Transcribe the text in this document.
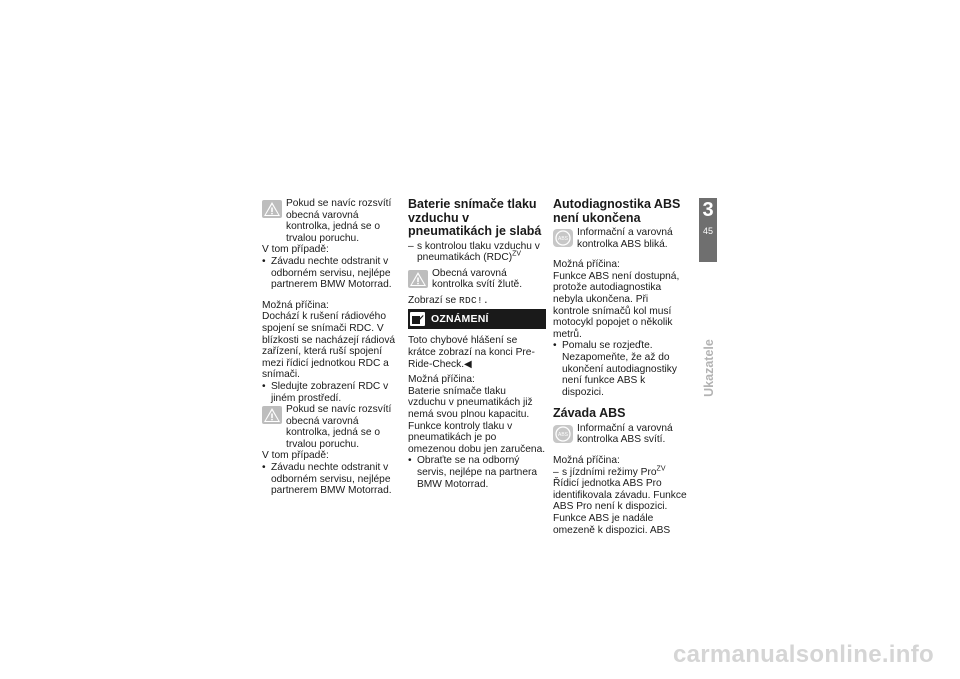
Pokud se navíc rozsvítí obecná varovná kontrolka, jedná se o trvalou poruchu.

V tom případě:

• Závadu nechte odstranit v odborném servisu, nejlépe partnerem BMW Motorrad.

Možná příčina:

Dochází k rušení rádiového spojení se snímači RDC. V blízkosti se nacházejí rádiová zařízení, která ruší spojení mezi řídicí jednotkou RDC a snímači.

• Sledujte zobrazení RDC v jiném prostředí.

Pokud se navíc rozsvítí obecná varovná kontrolka, jedná se o trvalou poruchu.

V tom případě:

• Závadu nechte odstranit v odborném servisu, nejlépe partnerem BMW Motorrad.

Baterie snímače tlaku vzduchu v pneumatikách je slabá

– s kontrolou tlaku vzduchu v pneumatikách (RDC)$^{ZV}$

Obecná varovná kontrolka svítí žlutě.

Zobrazí se RDC!.

OZNÁMENÍ

Toto chybové hlášení se krátce zobrazí na konci Pre-Ride-Check.◀

Možná příčina:

Baterie snímače tlaku vzduchu v pneumatikách již nemá svou plnou kapacitu. Funkce kontroly tlaku v pneumatikách je po omezenou dobu jen zaručena.

• Obraťte se na odborný servis, nejlépe na partnera BMW Motorrad.

Autodiagnostika ABS není ukončena

ABS

Informační a varovná kontrolka ABS bliká.

Možná příčina:

Funkce ABS není dostupná, protože autodiagnostika nebyla ukončena. Při kontrole snímačů kol musí motocykl popojet o několik metrů.

• Pomalu se rozjeďte. Nezapomeňte, že až do ukončení autodiagnostiky není funkce ABS k dispozici.

Závada ABS

ABS

Informační a varovná kontrolka ABS svítí.

Možná příčina:

– s jízdními režimy Pro$^{ZV}$

Řídicí jednotka ABS Pro identifikovala závadu. Funkce ABS Pro není k dispozici. Funkce ABS je nadále omezeně k dispozici. ABS

3
45
Ukazatele
carmanualsonline.info
